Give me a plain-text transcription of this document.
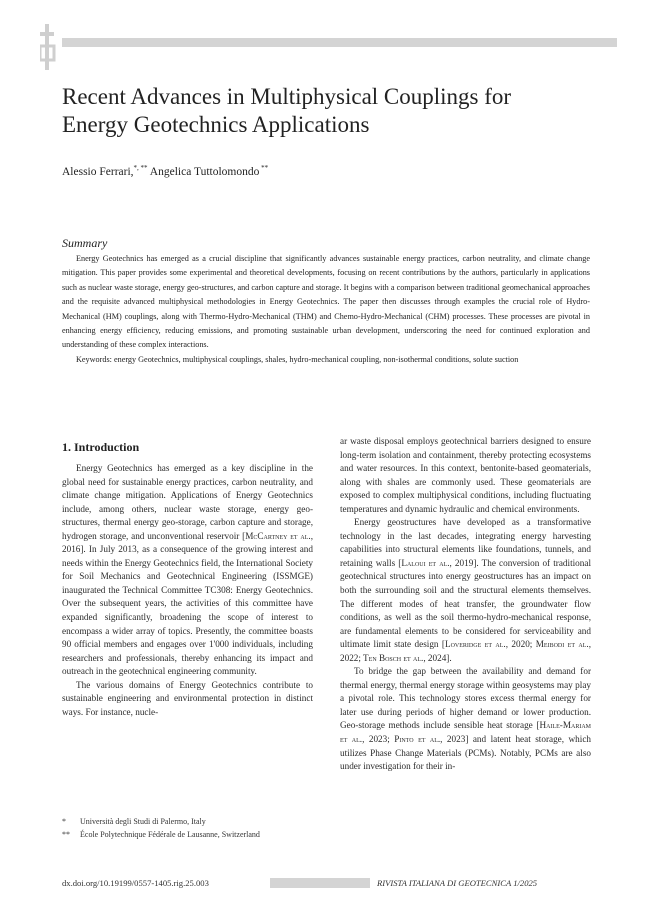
Recent Advances in Multiphysical Couplings for
Energy Geotechnics Applications
Alessio Ferrari,*, ** Angelica Tuttolomondo **
Summary

Energy Geotechnics has emerged as a crucial discipline that significantly advances sustainable energy practices, carbon neutrality, and climate change mitigation. This paper provides some experimental and theoretical developments, focusing on recent contributions by the authors, particularly in applications such as nuclear waste storage, energy geo-structures, and carbon capture and storage. It begins with a comparison between traditional geomechanical approaches and the requisite advanced multiphysical methodologies in Energy Geotechnics. The paper then discusses through examples the crucial role of Hydro-Mechanical (HM) couplings, along with Thermo-Hydro-Mechanical (THM) and Chemo-Hydro-Mechanical (CHM) processes. These processes are pivotal in enhancing energy efficiency, reducing emissions, and promoting sustainable urban development, underscoring the need for continued exploration and understanding of these complex interactions.

Keywords: energy Geotechnics, multiphysical couplings, shales, hydro-mechanical coupling, non-isothermal conditions, solute suction

1. Introduction

Energy Geotechnics has emerged as a key discipline in the global need for sustainable energy practices, carbon neutrality, and climate change mitigation. Applications of Energy Geotechnics include, among others, nuclear waste storage, energy geo-structures, thermal energy geo-storage, carbon capture and storage, hydrogen storage, and unconventional reservoir [McCartney et al., 2016]. In July 2013, as a consequence of the growing interest and needs within the Energy Geotechnics field, the International Society for Soil Mechanics and Geotechnical Engineering (ISSMGE) inaugurated the Technical Committee TC308: Energy Geotechnics. Over the subsequent years, the activities of this committee have expanded significantly, broadening the scope of interest to encompass a wider array of topics. Presently, the committee boasts 90 official members and engages over 1'000 individuals, including researchers and professionals, thereby enhancing its impact and outreach in the geotechnical engineering community.

The various domains of Energy Geotechnics contribute to sustainable engineering and environmental protection in distinct ways. For instance, nucle-

ar waste disposal employs geotechnical barriers designed to ensure long-term isolation and containment, thereby protecting ecosystems and water resources. In this context, bentonite-based geomaterials, along with shales are commonly used. These geomaterials are exposed to complex multiphysical conditions, including fluctuating temperatures and dynamic hydraulic and chemical environments.

Energy geostructures have developed as a transformative technology in the last decades, integrating energy harvesting capabilities into structural elements like foundations, tunnels, and retaining walls [Laloui et al., 2019]. The conversion of traditional geotechnical structures into energy geostructures has an impact on both the surrounding soil and the structural elements themselves. The different modes of heat transfer, the groundwater flow conditions, as well as the soil thermo-hydro-mechanical response, are fundamental elements to be considered for serviceability and ultimate limit state design [Loveridge et al., 2020; Meibodi et al., 2022; Ten Bosch et al., 2024].

To bridge the gap between the availability and demand for thermal energy, thermal energy storage within geosystems may play a pivotal role. This technology stores excess thermal energy for later use during periods of higher demand or lower production. Geo-storage methods include sensible heat storage [Haile-Mariam et al., 2023; Pinto et al., 2023] and latent heat storage, which utilizes Phase Change Materials (PCMs). Notably, PCMs are also under investigation for their in-

*	Università degli Studi di Palermo, Italy
**	École Polytechnique Fédérale de Lausanne, Switzerland
dx.doi.org/10.19199/0557-1405.rig.25.003	RIVISTA ITALIANA DI GEOTECNICA 1/2025
